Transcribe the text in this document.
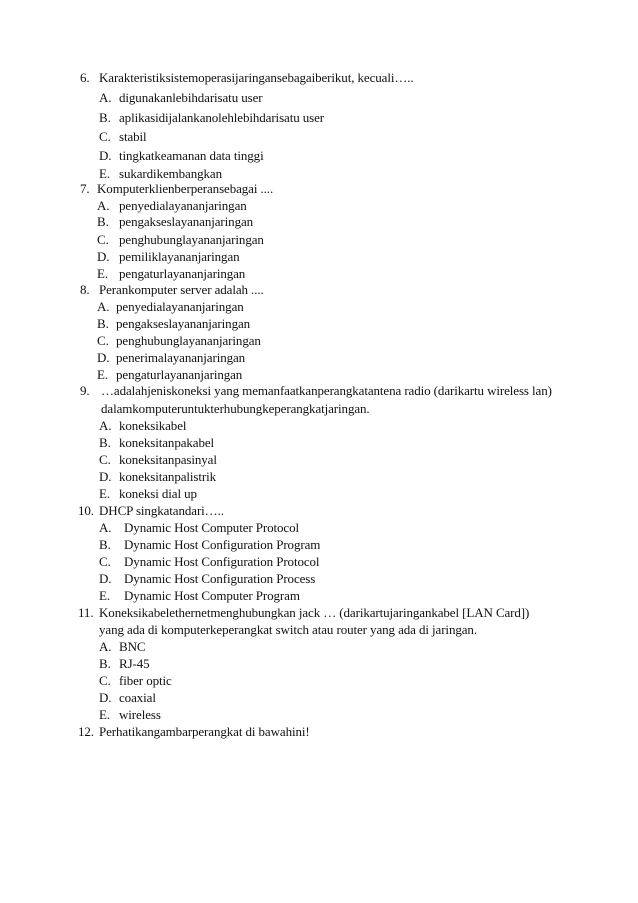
6. Karakteristiksistemoperasijaringansebagaiberikut, kecuali…..
A. digunakanlebihdarisatu user
B. aplikasidijalankanolehlebihdarisatu user
C. stabil
D. tingkatkeamanan data tinggi
E. sukardikembangkan
7. Komputerklienberperansebagai ....
A. penyedialayananjaringan
B. pengakseslayananjaringan
C. penghubunglayananjaringan
D. pemiliklayananjaringan
E. pengaturlayananjaringan
8. Perankomputer server adalah ....
A. penyedialayananjaringan
B. pengakseslayananjaringan
C. penghubunglayananjaringan
D. penerimalayananjaringan
E. pengaturlayananjaringan
9. …adalahjeniskoneksi yang memanfaatkanperangkatantena radio (darikartu wireless lan)
dalamkomputeruntukterhubungkeperangkatjaringan.
A. koneksikabel
B. koneksitanpakabel
C. koneksitanpasinyal
D. koneksitanpalistrik
E. koneksi dial up
10. DHCP singkatandari…..
A. Dynamic Host Computer Protocol
B. Dynamic Host Configuration Program
C. Dynamic Host Configuration Protocol
D. Dynamic Host Configuration Process
E. Dynamic Host Computer Program
11. Koneksikabelethernetmenghubungkan jack … (darikartujaringankabel [LAN Card])
yang ada di komputerkeperangkat switch atau router yang ada di jaringan.
A. BNC
B. RJ-45
C. fiber optic
D. coaxial
E. wireless
12. Perhatikangambarperangkat di bawahini!
